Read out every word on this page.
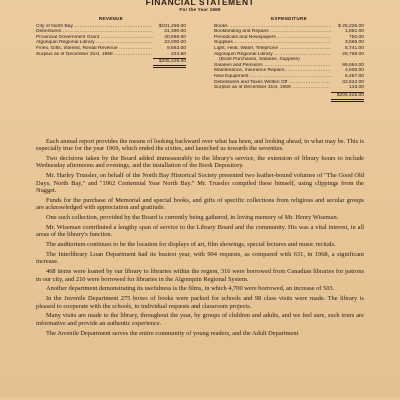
FINANCIAL STATEMENT
For the Year 1969
REVENUE
City of North Bay .....	$101,258.00
Debentures .....	31,490.00
Provincial Government Grant .....	40,668.60
Algonquin Regional Library .....	23,000.00
Fines, Gifts, Interest, Rental Revenue .....	9,663.00
Surplus as of December 31st, 1968 .....	224.50
$205,425.00
EXPENDITURE
Books .....	$ 25,226.00
Bookbinding and Repairs .....	1,881.00
Periodicals and Newspapers .....	750.00
Supplies .....	3,566.00
Light, Heat, Water, Telephone .....	5,741.00
Algonquin Regional Library .....	26,769.00
(Book Purchases, Salaries, Supplies)
Salaries and Pensions .....	99,664.00
Maintenance, Insurance Repairs .....	4,500.00
New Equipment .....	5,467.00
Debentures and Taxes Written Off .....	32,522.00
Surplus as of December 31st, 1969 .....	143.00
$206,425.00

Each annual report provides the means of looking backward over what has been, and looking ahead, to what may be. This is especially true for the year 1969, which ended the sixties, and launched us towards the seventies.

Two decisions taken by the Board added immeasurably to the library's service, the extension of library hours to include Wednesday afternoons and evenings, and the installation of the Book Depository.

Mr. Harley Trussler, on behalf of the North Bay Historical Society presented two leather-bound volumes of "The Good Old Days, North Bay," and "1962 Centennial Year North Bay." Mr. Trussler compiled these himself, using clippings from the Nugget.

Funds for the purchase of Memorial and special books, and gifts of specific collections from religious and secular groups are acknowledged with appreciation and gratitude.

One such collection, provided by the Board is currently being gathered, in loving memory of Mr. Henry Wiseman.

Mr. Wiseman contributed a lengthy span of service to the Library Board and the community. His was a vital interest, in all areas of the library's function.

The auditorium continues to be the location for displays of art, film showings, special lectures and music recitals.

The Interlibrary Loan Department had its busiest year, with 904 requests, as compared with 631, in 1968, a significant increase.

468 items were loaned by our library to libraries within the region, 316 were borrowed from Canadian libraries for patrons in our city, and 210 were borrowed for libraries in the Algonquin Regional System.

Another department demonstrating its usefulness is the films, in which 4,700 were borrowed, an increase of 503.

In the Juvenile Department 275 boxes of books were packed for schools and 98 class visits were made. The library is pleased to cooperate with the schools, to individual requests and classroom projects.

Many visits are made to the library, throughout the year, by groups of children and adults, and we feel sure, such tours are informative and provide an authentic experience.

The Juvenile Department serves the entire community of young readers, and the Adult Department
